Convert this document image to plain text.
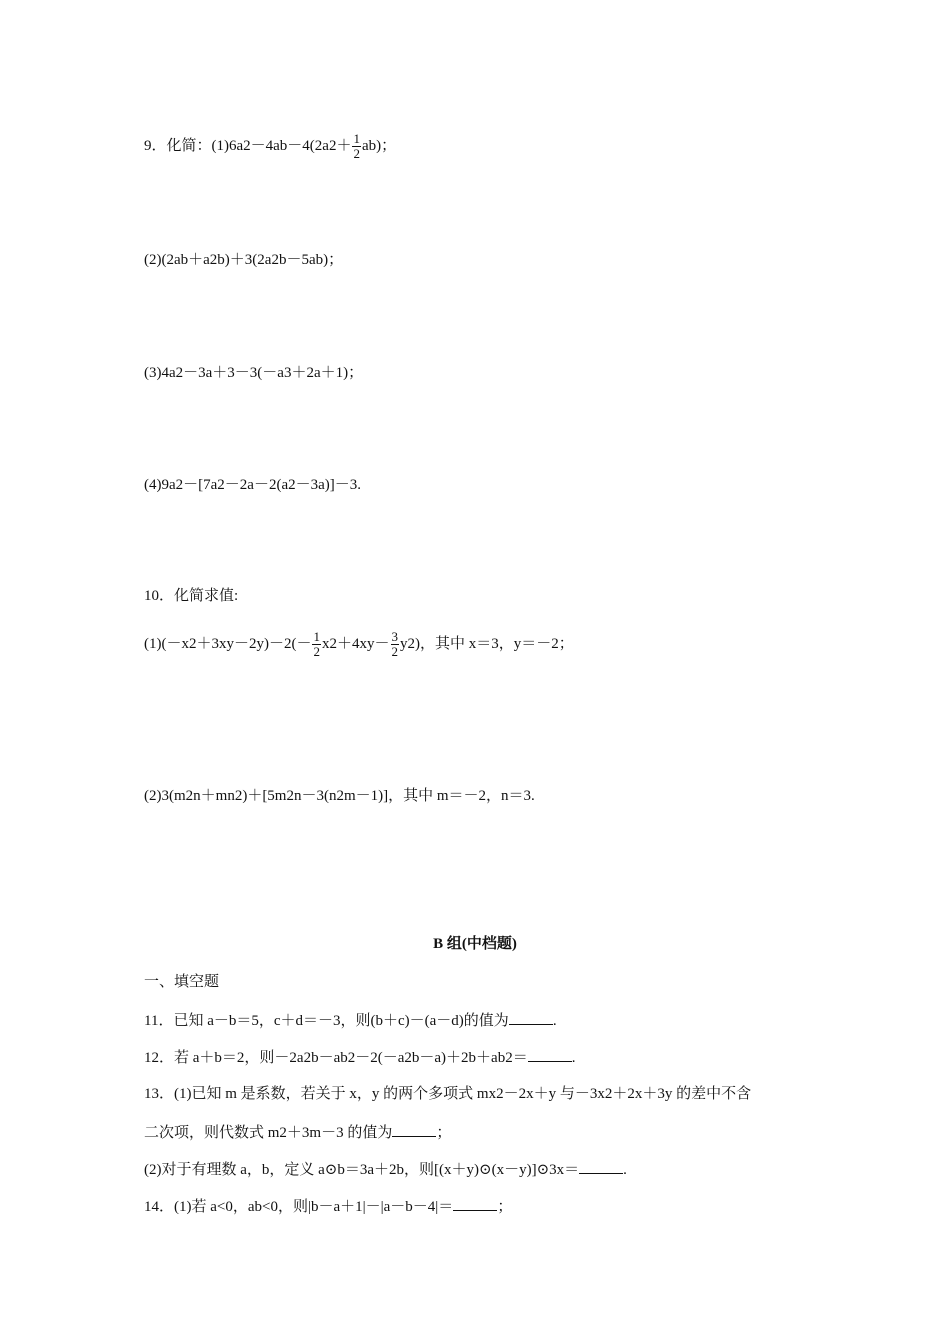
9．化简：$(1)6a2-4ab-4(2a2+ \frac{1}{2} ab)$；
(2)(2ab＋a2b)＋3(2a2b－5ab)；
(3)4a2－3a＋3－3(－a3＋2a＋1)；
(4)9a2－[7a2－2a－2(a2－3a)]－3.
10．化简求值:
$(1)(-x2+3xy-2y)-2(- \frac{1}{2} x2+4xy- \frac{3}{2} y2)$，其中 x＝3，y＝－2；
(2)3(m2n＋mn2)＋[5m2n－3(n2m－1)]，其中 m＝－2，n＝3.
B 组(中档题)
一、填空题
11．已知 a－b＝5，c＋d＝－3，则(b＋c)－(a－d)的值为	.
12．若 a＋b＝2，则－2a2b－ab2－2(－a2b－a)＋2b＋ab2＝	.
13．(1)已知 m 是系数，若关于 x，y 的两个多项式 mx2－2x＋y 与－3x2＋2x＋3y 的差中不含
二次项，则代数式 m2＋3m－3 的值为	；
(2)对于有理数 a，b，定义 a⊙b＝3a＋2b，则[(x＋y)⊙(x－y)]⊙3x＝	.
14．(1)若 a<0，ab<0，则|b－a＋1|－|a－b－4|＝	；
